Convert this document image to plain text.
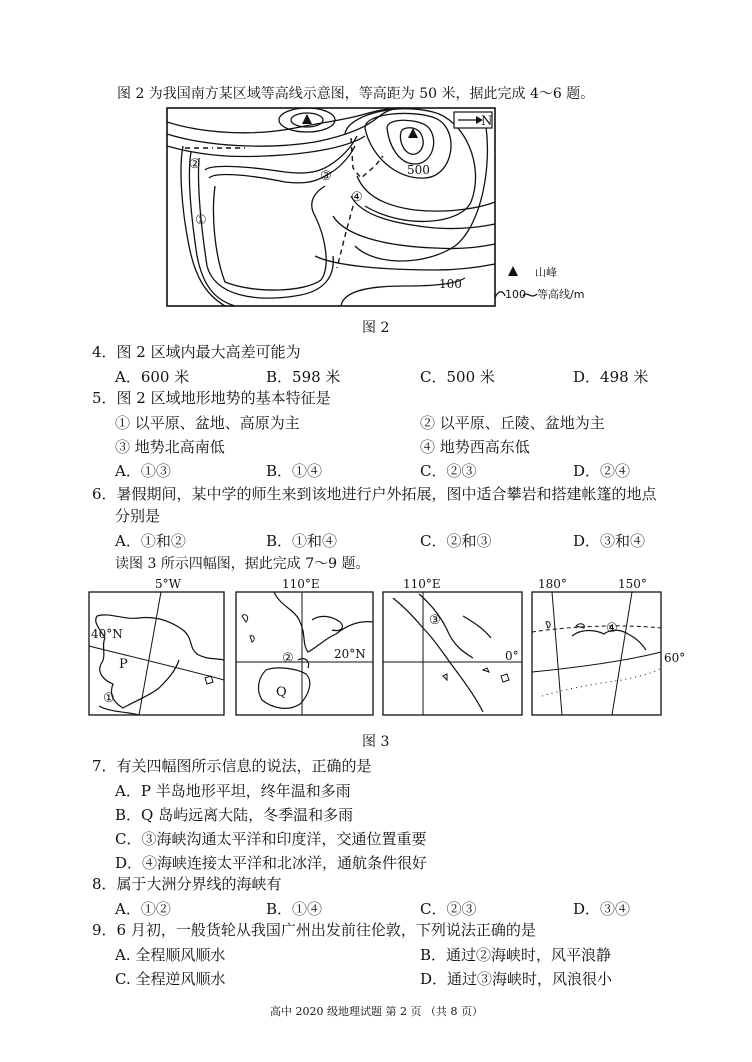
图 2 为我国南方某区域等高线示意图，等高距为 50 米，据此完成 4～6 题。
N
500
100
②
③
④
①
山峰
100 等高线/m
图 2
4．图 2 区域内最大高差可能为
A．600 米	B．598 米	C．500 米	D．498 米
5．图 2 区域地形地势的基本特征是
① 以平原、盆地、高原为主	② 以平原、丘陵、盆地为主
③ 地势北高南低	④ 地势西高东低
A．①③	B．①④	C．②③	D．②④
6．暑假期间，某中学的师生来到该地进行户外拓展，图中适合攀岩和搭建帐篷的地点
分别是
A．①和②	B．①和④	C．②和③	D．③和④
读图 3 所示四幅图，据此完成 7～9 题。
5°W
40°N
P
①
110°E
20°N
Q
②
110°E
0°
③
180°	150°
60°
④
图 3
7．有关四幅图所示信息的说法，正确的是
A．P 半岛地形平坦，终年温和多雨
B．Q 岛屿远离大陆，冬季温和多雨
C．③海峡沟通太平洋和印度洋，交通位置重要
D．④海峡连接太平洋和北冰洋，通航条件很好
8．属于大洲分界线的海峡有
A．①②	B．①④	C．②③	D．③④
9．6 月初，一般货轮从我国广州出发前往伦敦，下列说法正确的是
A. 全程顺风顺水	B．通过②海峡时，风平浪静
C. 全程逆风顺水	D．通过③海峡时，风浪很小
高中 2020 级地理试题 第 2 页 （共 8 页）
